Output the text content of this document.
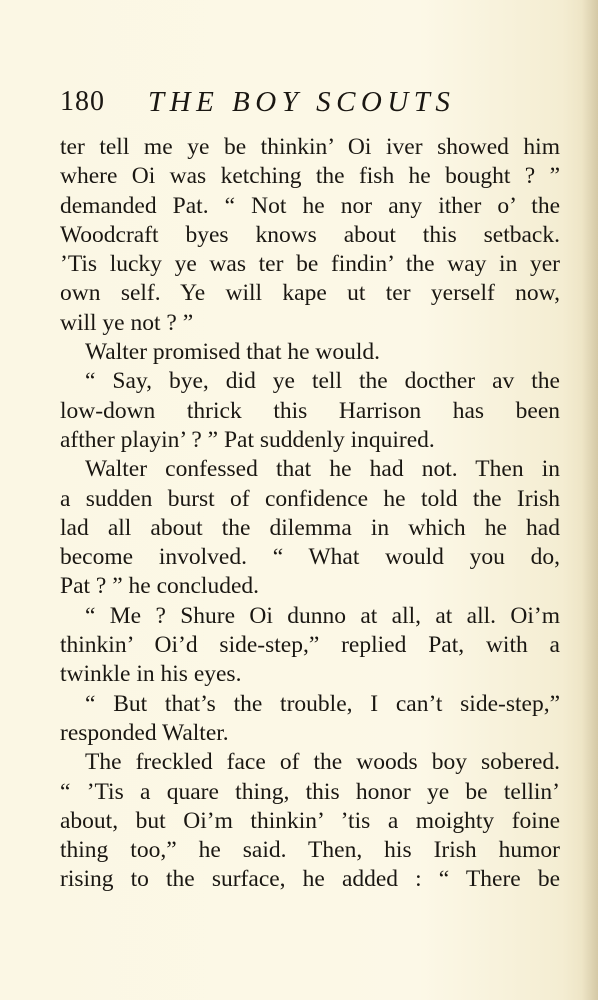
180 THE BOY SCOUTS
ter tell me ye be thinkin’ Oi iver showed him
where Oi was ketching the fish he bought ? ”
demanded Pat. “ Not he nor any ither o’ the
Woodcraft byes knows about this setback.
’Tis lucky ye was ter be findin’ the way in yer
own self. Ye will kape ut ter yerself now,
will ye not ? ”
Walter promised that he would.
“ Say, bye, did ye tell the docther av the
low-down thrick this Harrison has been
afther playin’ ? ” Pat suddenly inquired.
Walter confessed that he had not. Then in
a sudden burst of confidence he told the Irish
lad all about the dilemma in which he had
become involved. “ What would you do,
Pat ? ” he concluded.
“ Me ? Shure Oi dunno at all, at all. Oi’m
thinkin’ Oi’d side-step,” replied Pat, with a
twinkle in his eyes.
“ But that’s the trouble, I can’t side-step,”
responded Walter.
The freckled face of the woods boy sobered.
“ ’Tis a quare thing, this honor ye be tellin’
about, but Oi’m thinkin’ ’tis a moighty foine
thing too,” he said. Then, his Irish humor
rising to the surface, he added : “ There be
